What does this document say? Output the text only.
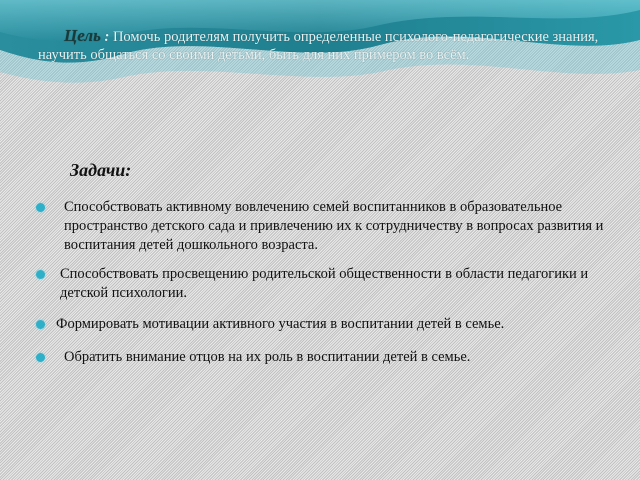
Цель : Помочь родителям получить определенные психолого-педагогические знания, научить общаться со своими детьми, быть для них примером во всём.
Задачи:
Способствовать активному вовлечению семей воспитанников в образовательное пространство детского сада и привлечению их к сотрудничеству в вопросах развития и воспитания детей дошкольного возраста.
Способствовать просвещению родительской общественности в области педагогики и детской психологии.
Формировать мотивации активного участия в воспитании детей в семье.
Обратить внимание отцов на их роль в воспитании детей в семье.
